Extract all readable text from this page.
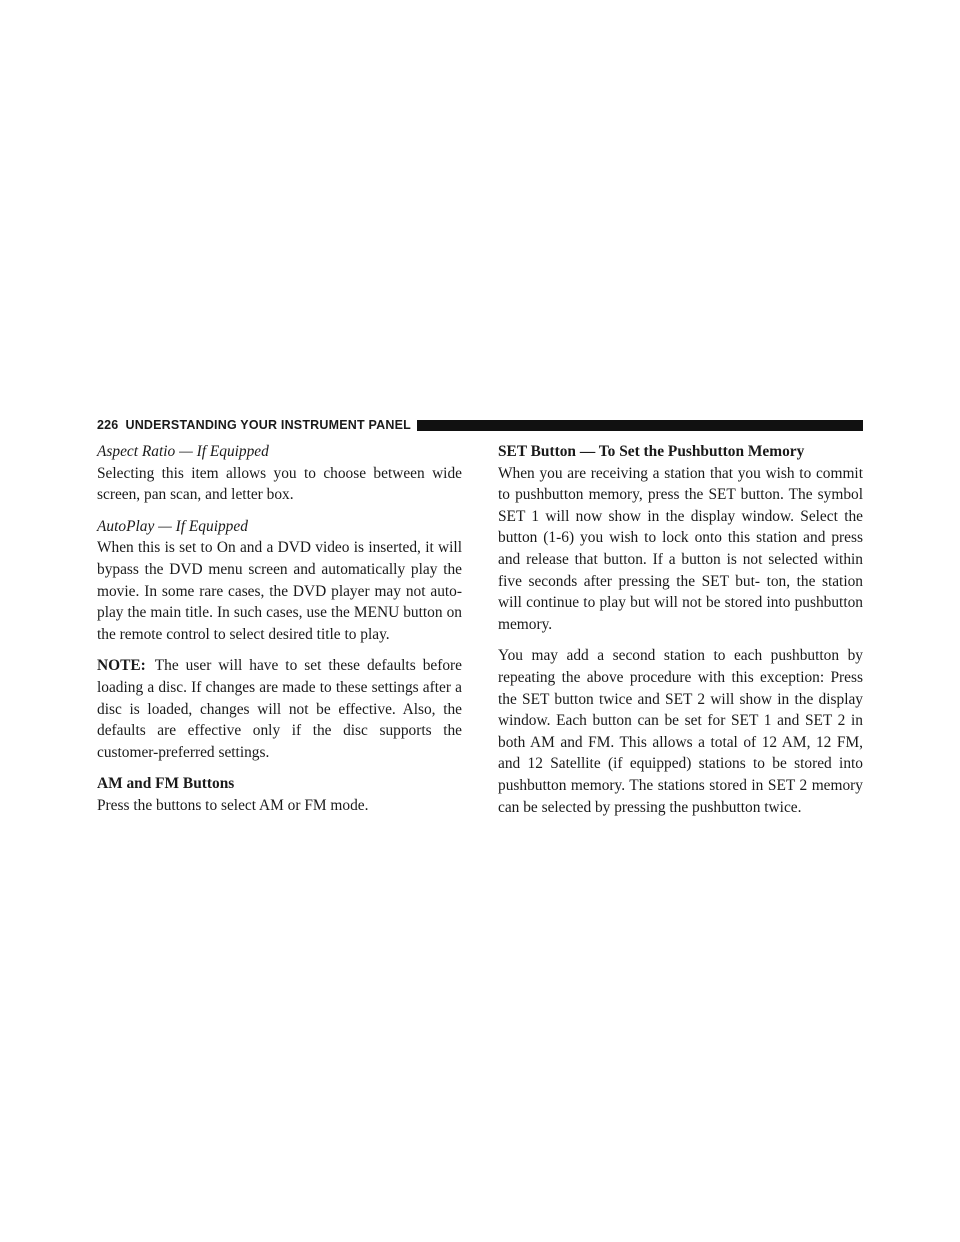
226 UNDERSTANDING YOUR INSTRUMENT PANEL

Aspect Ratio — If Equipped

Selecting this item allows you to choose between wide screen, pan scan, and letter box.

AutoPlay — If Equipped

When this is set to On and a DVD video is inserted, it will bypass the DVD menu screen and automatically play the movie. In some rare cases, the DVD player may not auto-play the main title. In such cases, use the MENU button on the remote control to select desired title to play.

NOTE: The user will have to set these defaults before loading a disc. If changes are made to these settings after a disc is loaded, changes will not be effective. Also, the defaults are effective only if the disc supports the customer-preferred settings.

AM and FM Buttons

Press the buttons to select AM or FM mode.

SET Button — To Set the Pushbutton Memory

When you are receiving a station that you wish to commit to pushbutton memory, press the SET button. The symbol SET 1 will now show in the display window. Select the button (1-6) you wish to lock onto this station and press and release that button. If a button is not selected within five seconds after pressing the SET but- ton, the station will continue to play but will not be stored into pushbutton memory.

You may add a second station to each pushbutton by repeating the above procedure with this exception: Press the SET button twice and SET 2 will show in the display window. Each button can be set for SET 1 and SET 2 in both AM and FM. This allows a total of 12 AM, 12 FM, and 12 Satellite (if equipped) stations to be stored into pushbutton memory. The stations stored in SET 2 memory can be selected by pressing the pushbutton twice.
